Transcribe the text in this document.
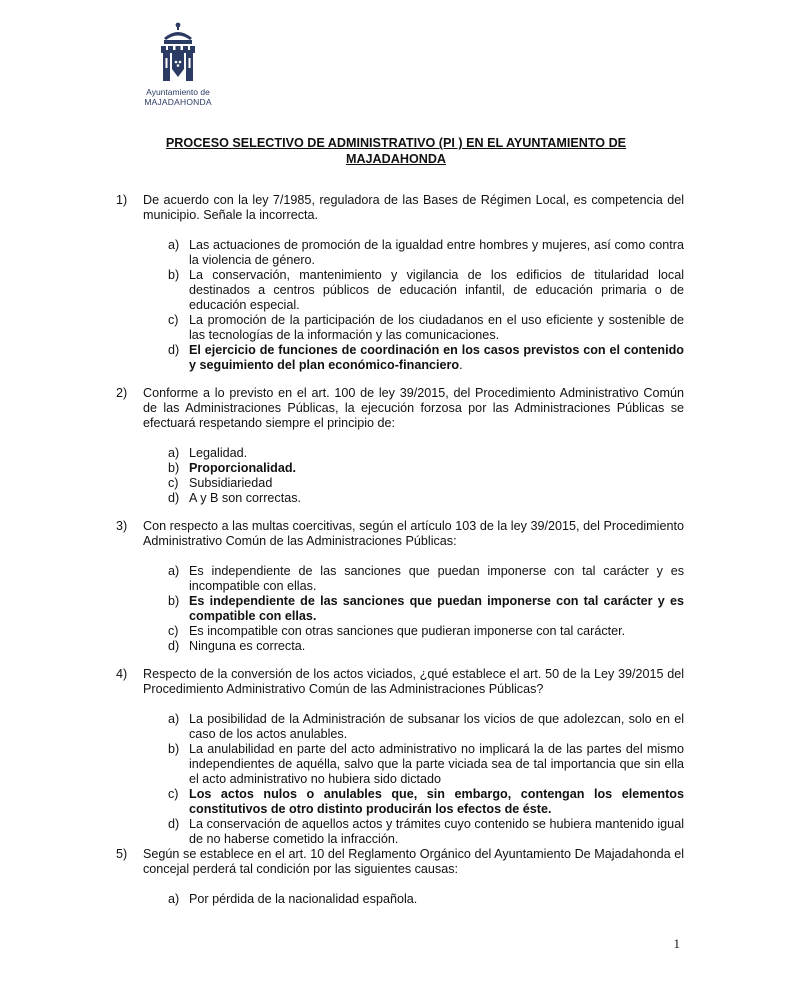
Ayuntamiento de
MAJADAHONDA
PROCESO SELECTIVO DE ADMINISTRATIVO (PI ) EN EL AYUNTAMIENTO DE
MAJADAHONDA
1) De acuerdo con la ley 7/1985, reguladora de las Bases de Régimen Local, es competencia del municipio. Señale la incorrecta.
a) Las actuaciones de promoción de la igualdad entre hombres y mujeres, así como contra la violencia de género.
b) La conservación, mantenimiento y vigilancia de los edificios de titularidad local destinados a centros públicos de educación infantil, de educación primaria o de educación especial.
c) La promoción de la participación de los ciudadanos en el uso eficiente y sostenible de las tecnologías de la información y las comunicaciones.
d) El ejercicio de funciones de coordinación en los casos previstos con el contenido y seguimiento del plan económico-financiero.
2) Conforme a lo previsto en el art. 100 de ley 39/2015, del Procedimiento Administrativo Común de las Administraciones Públicas, la ejecución forzosa por las Administraciones Públicas se efectuará respetando siempre el principio de:
a) Legalidad.
b) Proporcionalidad.
c) Subsidiariedad
d) A y B son correctas.
3) Con respecto a las multas coercitivas, según el artículo 103 de la ley 39/2015, del Procedimiento Administrativo Común de las Administraciones Públicas:
a) Es independiente de las sanciones que puedan imponerse con tal carácter y es incompatible con ellas.
b) Es independiente de las sanciones que puedan imponerse con tal carácter y es compatible con ellas.
c) Es incompatible con otras sanciones que pudieran imponerse con tal carácter.
d) Ninguna es correcta.
4) Respecto de la conversión de los actos viciados, ¿qué establece el art. 50 de la Ley 39/2015 del Procedimiento Administrativo Común de las Administraciones Públicas?
a) La posibilidad de la Administración de subsanar los vicios de que adolezcan, solo en el caso de los actos anulables.
b) La anulabilidad en parte del acto administrativo no implicará la de las partes del mismo independientes de aquélla, salvo que la parte viciada sea de tal importancia que sin ella el acto administrativo no hubiera sido dictado
c) Los actos nulos o anulables que, sin embargo, contengan los elementos constitutivos de otro distinto producirán los efectos de éste.
d) La conservación de aquellos actos y trámites cuyo contenido se hubiera mantenido igual de no haberse cometido la infracción.
5) Según se establece en el art. 10 del Reglamento Orgánico del Ayuntamiento De Majadahonda el concejal perderá tal condición por las siguientes causas:
a) Por pérdida de la nacionalidad española.
1
